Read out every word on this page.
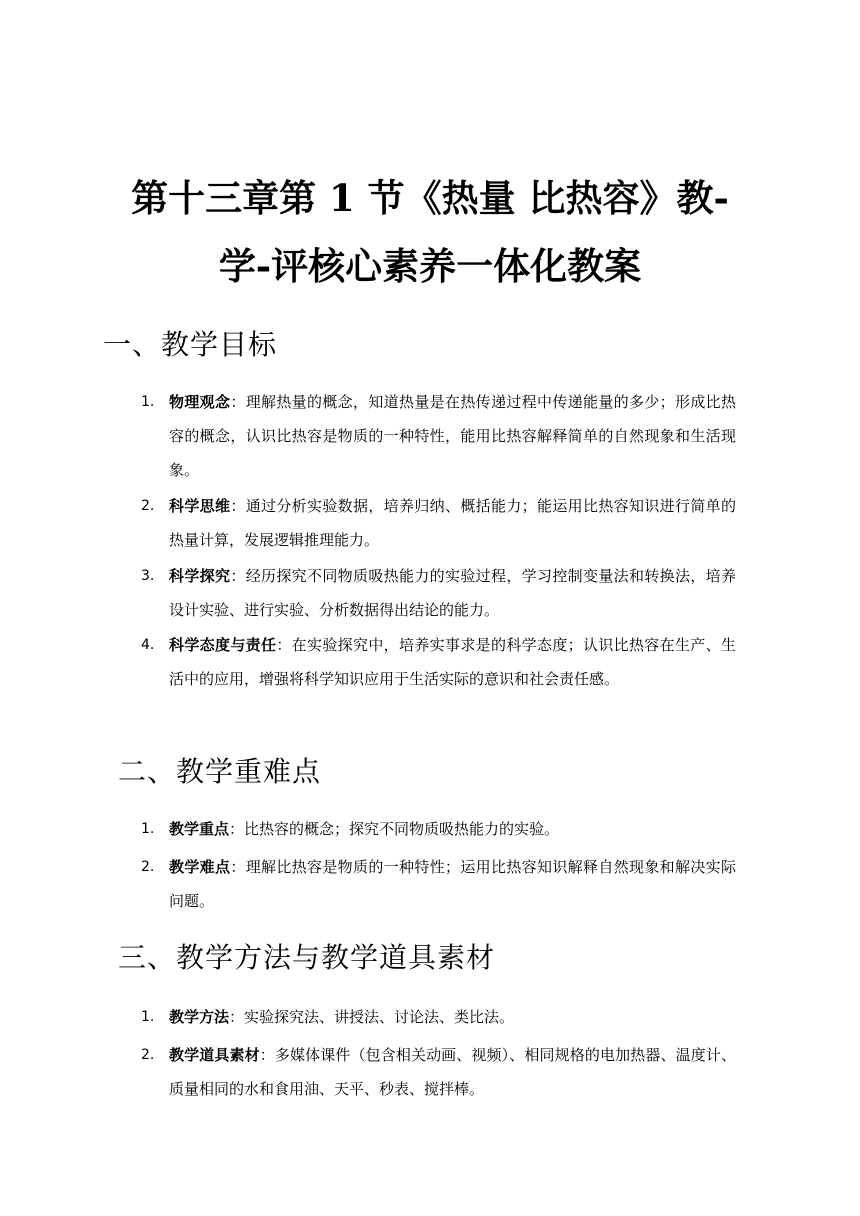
第十三章第 1 节《热量 比热容》教-
学-评核心素养一体化教案
一、教学目标
1. 物理观念：理解热量的概念，知道热量是在热传递过程中传递能量的多少；形成比热容的概念，认识比热容是物质的一种特性，能用比热容解释简单的自然现象和生活现象。
2. 科学思维：通过分析实验数据，培养归纳、概括能力；能运用比热容知识进行简单的热量计算，发展逻辑推理能力。
3. 科学探究：经历探究不同物质吸热能力的实验过程，学习控制变量法和转换法，培养设计实验、进行实验、分析数据得出结论的能力。
4. 科学态度与责任：在实验探究中，培养实事求是的科学态度；认识比热容在生产、生活中的应用，增强将科学知识应用于生活实际的意识和社会责任感。
二、教学重难点
1. 教学重点：比热容的概念；探究不同物质吸热能力的实验。
2. 教学难点：理解比热容是物质的一种特性；运用比热容知识解释自然现象和解决实际问题。
三、教学方法与教学道具素材
1. 教学方法：实验探究法、讲授法、讨论法、类比法。
2. 教学道具素材：多媒体课件（包含相关动画、视频）、相同规格的电加热器、温度计、质量相同的水和食用油、天平、秒表、搅拌棒。
